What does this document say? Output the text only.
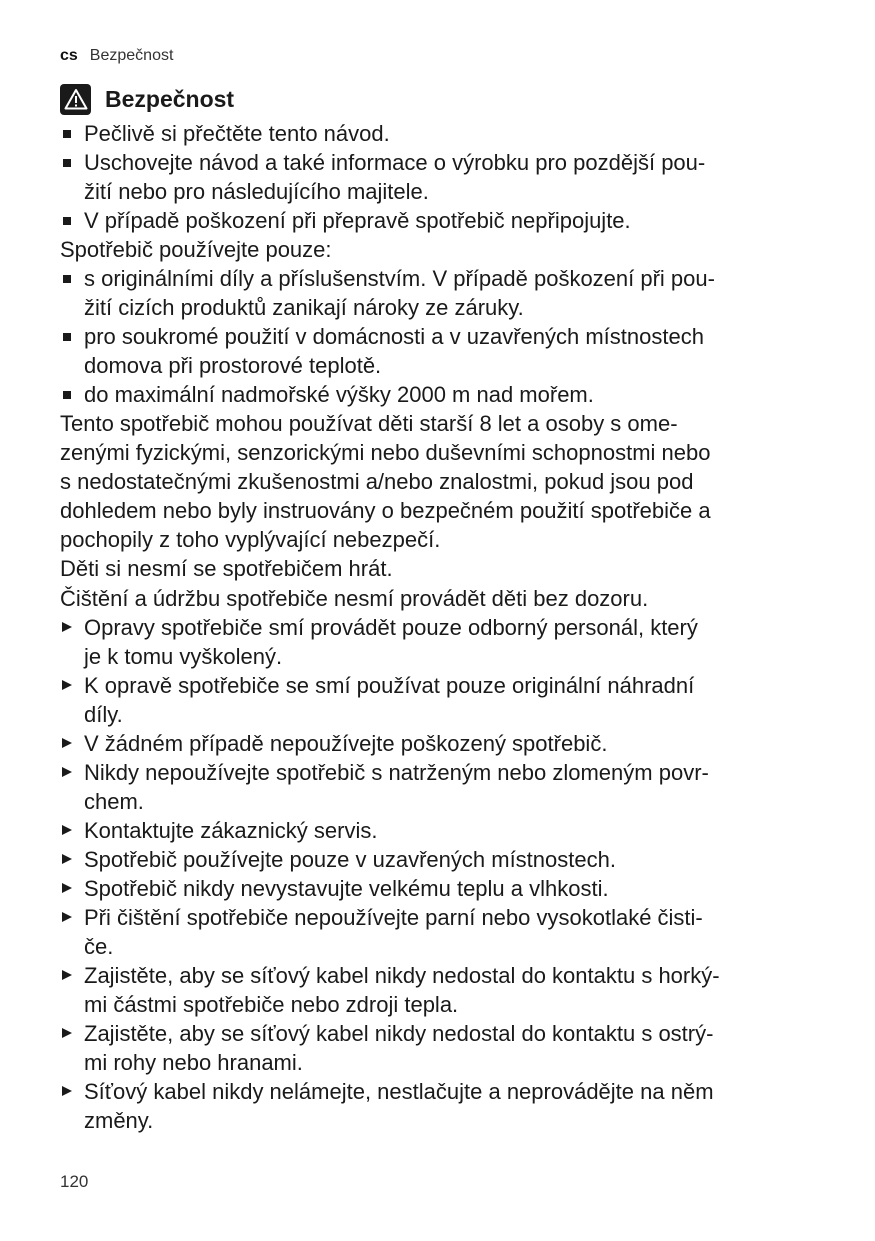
cs Bezpečnost
Bezpečnost
Pečlivě si přečtěte tento návod.
Uschovejte návod a také informace o výrobku pro pozdější pou-
žití nebo pro následujícího majitele.
V případě poškození při přepravě spotřebič nepřipojujte.
Spotřebič používejte pouze:
s originálními díly a příslušenstvím. V případě poškození při pou-
žití cizích produktů zanikají nároky ze záruky.
pro soukromé použití v domácnosti a v uzavřených místnostech
domova při prostorové teplotě.
do maximální nadmořské výšky 2000 m nad mořem.
Tento spotřebič mohou používat děti starší 8 let a osoby s ome-
zenými fyzickými, senzorickými nebo duševními schopnostmi nebo
s nedostatečnými zkušenostmi a/nebo znalostmi, pokud jsou pod
dohledem nebo byly instruovány o bezpečném použití spotřebiče a
pochopily z toho vyplývající nebezpečí.
Děti si nesmí se spotřebičem hrát.
Čištění a údržbu spotřebiče nesmí provádět děti bez dozoru.
Opravy spotřebiče smí provádět pouze odborný personál, který
je k tomu vyškolený.
K opravě spotřebiče se smí používat pouze originální náhradní
díly.
V žádném případě nepoužívejte poškozený spotřebič.
Nikdy nepoužívejte spotřebič s natrženým nebo zlomeným povr-
chem.
Kontaktujte zákaznický servis.
Spotřebič používejte pouze v uzavřených místnostech.
Spotřebič nikdy nevystavujte velkému teplu a vlhkosti.
Při čištění spotřebiče nepoužívejte parní nebo vysokotlaké čisti-
če.
Zajistěte, aby se síťový kabel nikdy nedostal do kontaktu s horký-
mi částmi spotřebiče nebo zdroji tepla.
Zajistěte, aby se síťový kabel nikdy nedostal do kontaktu s ostrý-
mi rohy nebo hranami.
Síťový kabel nikdy nelámejte, nestlačujte a neprovádějte na něm
změny.
120
